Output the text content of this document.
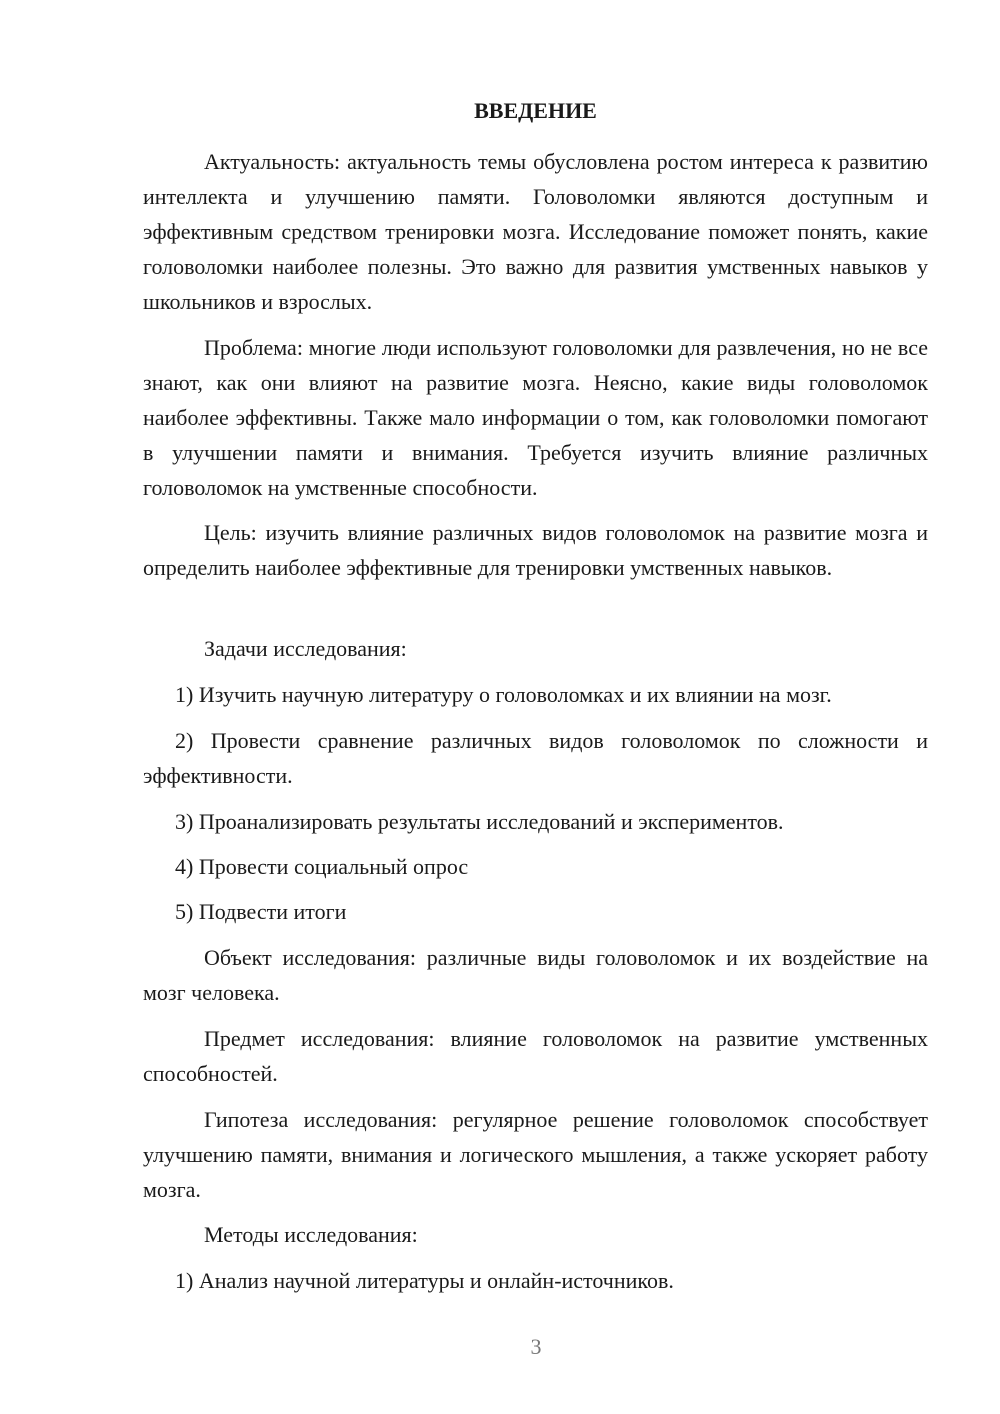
ВВЕДЕНИЕ

Актуальность: актуальность темы обусловлена ростом интереса к развитию интеллекта и улучшению памяти. Головоломки являются доступным и эффективным средством тренировки мозга. Исследование поможет понять, какие головоломки наиболее полезны. Это важно для развития умственных навыков у школьников и взрослых.

Проблема: многие люди используют головоломки для развлечения, но не все знают, как они влияют на развитие мозга. Неясно, какие виды головоломок наиболее эффективны. Также мало информации о том, как головоломки помогают в улучшении памяти и внимания. Требуется изучить влияние различных головоломок на умственные способности.

Цель: изучить влияние различных видов головоломок на развитие мозга и определить наиболее эффективные для тренировки умственных навыков.

Задачи исследования:

1) Изучить научную литературу о головоломках и их влиянии на мозг.

2) Провести сравнение различных видов головоломок по сложности и эффективности.

3) Проанализировать результаты исследований и экспериментов.

4) Провести социальный опрос

5) Подвести итоги

Объект исследования: различные виды головоломок и их воздействие на мозг человека.

Предмет исследования: влияние головоломок на развитие умственных способностей.

Гипотеза исследования: регулярное решение головоломок способствует улучшению памяти, внимания и логического мышления, а также ускоряет работу мозга.

Методы исследования:

1) Анализ научной литературы и онлайн-источников.

3
